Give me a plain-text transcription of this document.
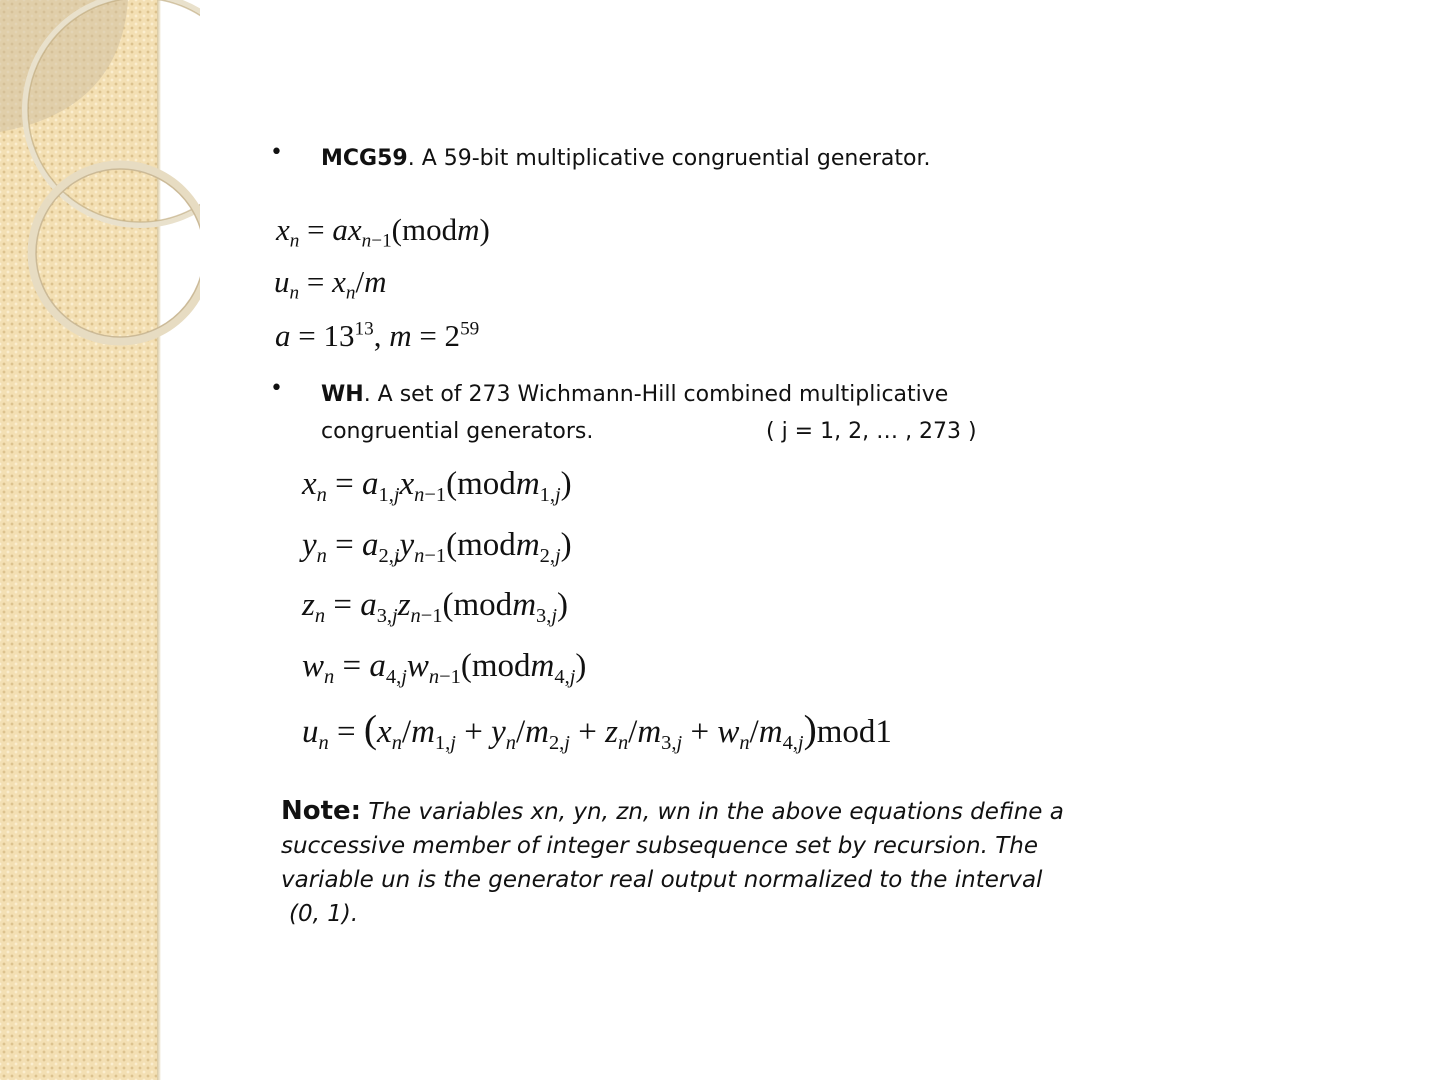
• MCG59. A 59-bit multiplicative congruential generator.
$x_n$ = $ax_{n-1}(modm)$
$u_n = x_n/m$
$a = 13^{13}$, $m = 2^{59}$
• WH. A set of 273 Wichmann-Hill combined multiplicative
congruential generators.	( j = 1, 2, … , 273 )
$x_n$ = $a_{1,j}x_{n-1}(modm_{1,j})$
$y_n$ = $a_{2,j}y_{n-1}(modm_{2,j})$
$z_n$ = $a_{3,j}z_{n-1}(modm_{3,j})$
$w_n$ = $a_{4,j}w_{n-1}(modm_{4,j})$
$u_n = (x_n/m_{1,j} + y_n/m_{2,j} + z_n/m_{3,j} + w_n/m_{4,j})mod1$
Note: The variables xn, yn, zn, wn in the above equations define a
successive member of integer subsequence set by recursion. The
variable un is the generator real output normalized to the interval
(0, 1).
